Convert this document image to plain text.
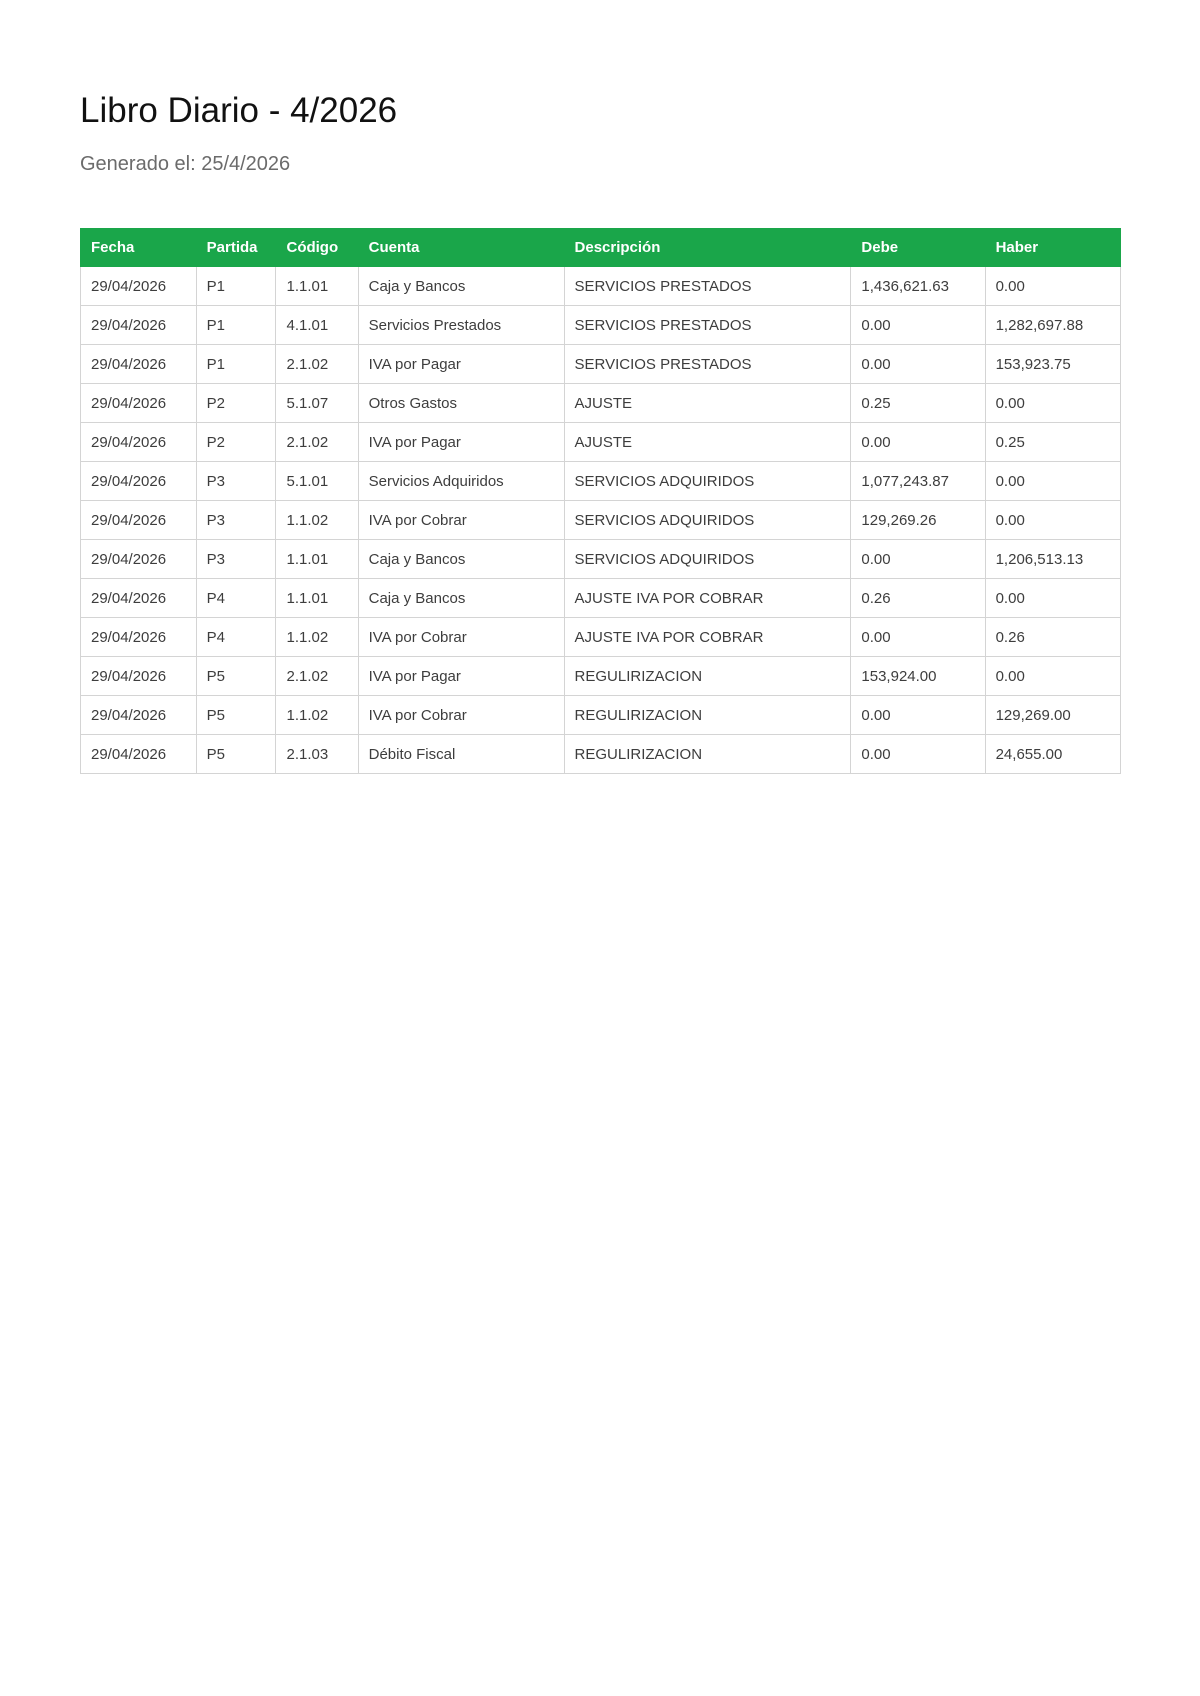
Libro Diario - 4/2026

Generado el: 25/4/2026

Fecha	Partida	Código	Cuenta	Descripción	Debe	Haber
29/04/2026	P1	1.1.01	Caja y Bancos	SERVICIOS PRESTADOS	1,436,621.63	0.00
29/04/2026	P1	4.1.01	Servicios Prestados	SERVICIOS PRESTADOS	0.00	1,282,697.88
29/04/2026	P1	2.1.02	IVA por Pagar	SERVICIOS PRESTADOS	0.00	153,923.75
29/04/2026	P2	5.1.07	Otros Gastos	AJUSTE	0.25	0.00
29/04/2026	P2	2.1.02	IVA por Pagar	AJUSTE	0.00	0.25
29/04/2026	P3	5.1.01	Servicios Adquiridos	SERVICIOS ADQUIRIDOS	1,077,243.87	0.00
29/04/2026	P3	1.1.02	IVA por Cobrar	SERVICIOS ADQUIRIDOS	129,269.26	0.00
29/04/2026	P3	1.1.01	Caja y Bancos	SERVICIOS ADQUIRIDOS	0.00	1,206,513.13
29/04/2026	P4	1.1.01	Caja y Bancos	AJUSTE IVA POR COBRAR	0.26	0.00
29/04/2026	P4	1.1.02	IVA por Cobrar	AJUSTE IVA POR COBRAR	0.00	0.26
29/04/2026	P5	2.1.02	IVA por Pagar	REGULIRIZACION	153,924.00	0.00
29/04/2026	P5	1.1.02	IVA por Cobrar	REGULIRIZACION	0.00	129,269.00
29/04/2026	P5	2.1.03	Débito Fiscal	REGULIRIZACION	0.00	24,655.00
